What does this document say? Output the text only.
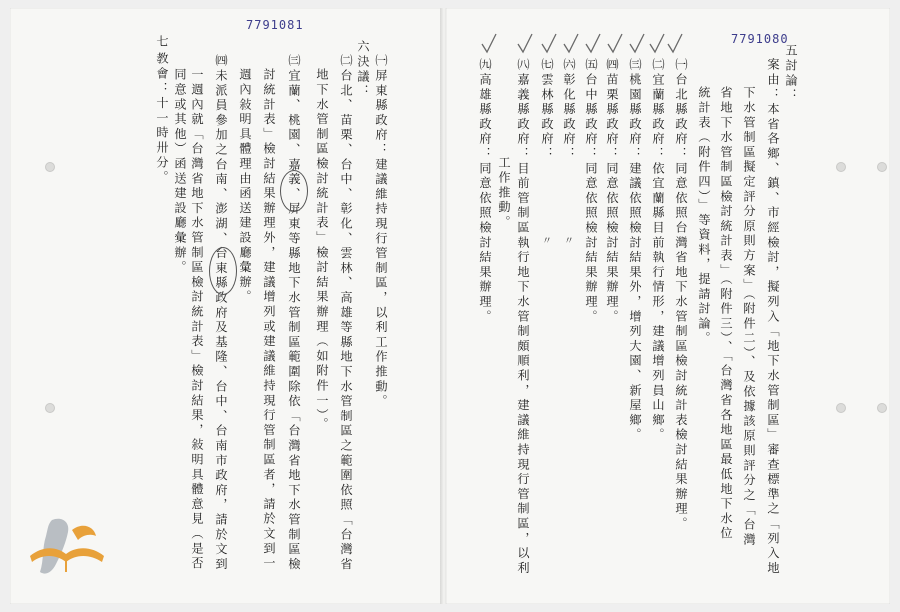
7791081
7791080
七
教會：十一時卅分。	六決議： ㈠屏東縣政府：建議維持現行管制區，以利工作推動。
㈡台北、苗栗、台中、彰化、雲林、高雄等縣地下水管制區之範圍依照「台灣省
地下水管制區檢討統計表」檢討結果辦理（如附件一）。
㈢宜蘭、桃園、嘉義、屏東等縣地下水管制區範圍除依「台灣省地下水管制區檢
討統計表」檢討結果辦理外，建議增列或建議維持現行管制區者，請於文到一
週內敍明具體理由函送建設廳彙辦。
㈣未派員參加之台南、澎湖、台東縣政府及基隆、台中、台南市政府，請於文到
一週內就「台灣省地下水管制區檢討統計表」檢討結果，敍明具體意見（是否
同意或其他）函送建設廳彙辦。	五討論：
案由：本省各鄉、鎮、市經檢討，擬列入「地下水管制區」審查標準之「列入地
下水管制區擬定評分原則方案」（附件二）、及依據該原則評分之「台灣
省地下水管制區檢討統計表」（附件三）、「台灣省各地區最低地下水位
統計表（附件四）」等資料，提請討論。
㈠台北縣政府：同意依照台灣省地下水管制區檢討統計表檢討結果辦理。
㈡宜蘭縣政府：依宜蘭縣目前執行情形，建議增列員山鄉。
㈢桃園縣政府：建議依照檢討結果外，增列大園、新屋鄉。
㈣苗栗縣政府：同意依照檢討結果辦理。
㈤台中縣政府：同意依照檢討結果辦理。
㈥彰化縣政府：
㈦雲林縣政府：
㈧嘉義縣政府：目前管制區執行地下水管制頗順利，建議維持現行管制區，以利
工作推動。
㈨高雄縣政府：同意依照檢討結果辦理。	〃
〃
